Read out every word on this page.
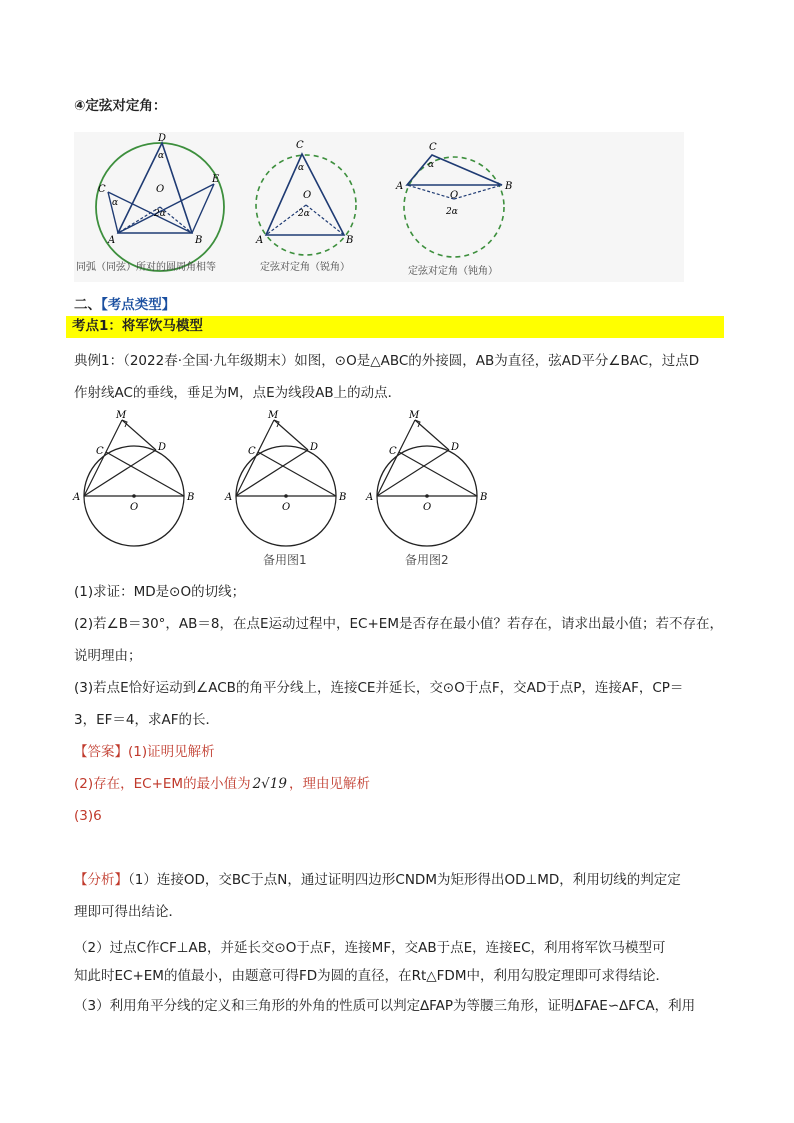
④定弦对定角：
D
C
E
A	B
O
α
α
2α
同弧（同弦）所对的圆周角相等
C
A	B
O
α
2α
定弦对定角（锐角）
C
A	B
O
α
2α
定弦对定角（钝角）
二、【考点类型】
考点1：将军饮马模型
典例1：（2022春·全国·九年级期末）如图，⊙O是△ABC的外接圆，AB为直径，弦AD平分∠BAC，过点D
作射线AC的垂线，垂足为M，点E为线段AB上的动点．
M
C	D
A	B
O
M
C	D
A	B
O
M
C	D
A	B
O
备用图1	备用图2
(1)求证：MD是⊙O的切线；
(2)若∠B＝30°，AB＝8，在点E运动过程中，EC+EM是否存在最小值？若存在，请求出最小值；若不存在，
说明理由；
(3)若点E恰好运动到∠ACB的角平分线上，连接CE并延长，交⊙O于点F，交AD于点P，连接AF，CP＝
3，EF＝4，求AF的长．
【答案】(1)证明见解析
(2)存在，EC+EM的最小值为 2√19 ，理由见解析
(3)6
【分析】（1）连接OD，交BC于点N，通过证明四边形CNDM为矩形得出OD⊥MD，利用切线的判定定
理即可得出结论．
（2）过点C作CF⊥AB，并延长交⊙O于点F，连接MF，交AB于点E，连接EC，利用将军饮马模型可
知此时EC+EM的值最小，由题意可得FD为圆的直径，在Rt△FDM中，利用勾股定理即可求得结论．
（3）利用角平分线的定义和三角形的外角的性质可以判定∆FAP为等腰三角形，证明∆FAE∽∆FCA，利用
